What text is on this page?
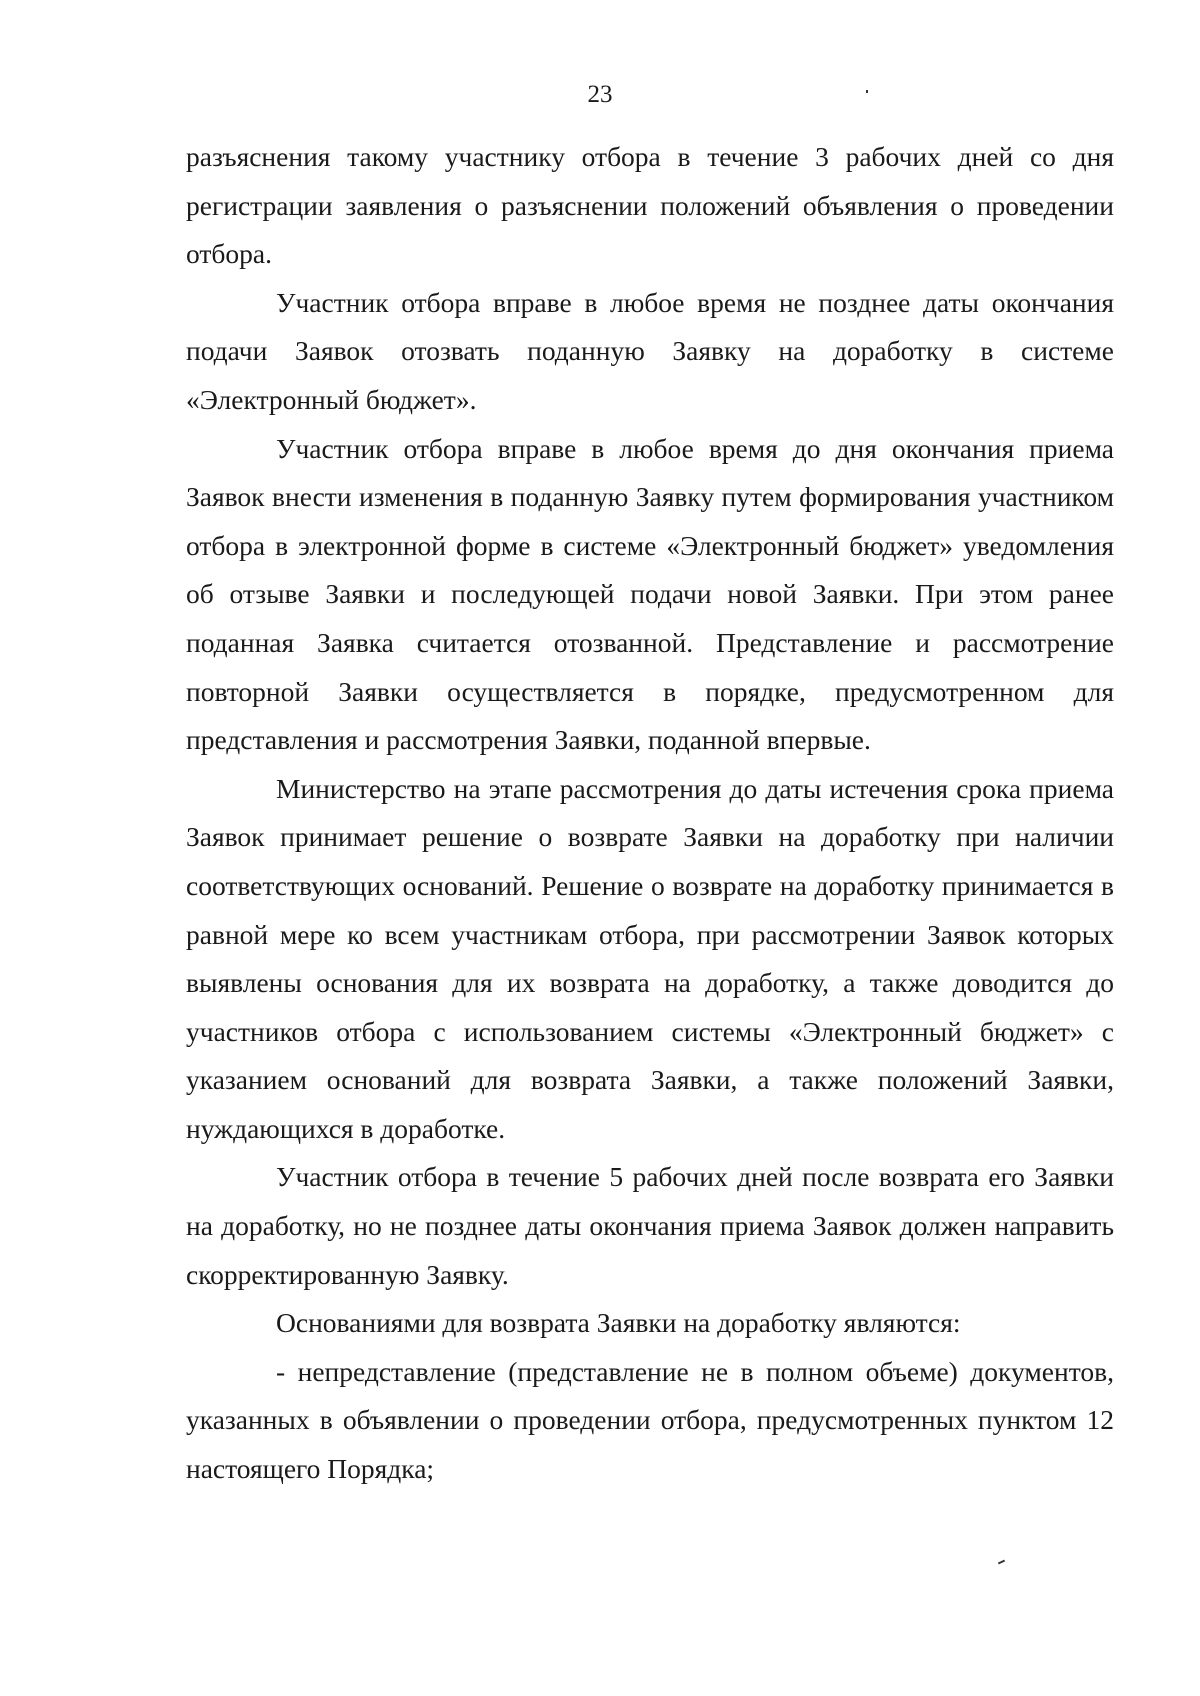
23

разъяснения такому участнику отбора в течение 3 рабочих дней со дня регистрации заявления о разъяснении положений объявления о проведении отбора.

Участник отбора вправе в любое время не позднее даты окончания подачи Заявок отозвать поданную Заявку на доработку в системе «Электронный бюджет».

Участник отбора вправе в любое время до дня окончания приема Заявок внести изменения в поданную Заявку путем формирования участником отбора в электронной форме в системе «Электронный бюджет» уведомления об отзыве Заявки и последующей подачи новой Заявки. При этом ранее поданная Заявка считается отозванной. Представление и рассмотрение повторной Заявки осуществляется в порядке, предусмотренном для представления и рассмотрения Заявки, поданной впервые.

Министерство на этапе рассмотрения до даты истечения срока приема Заявок принимает решение о возврате Заявки на доработку при наличии соответствующих оснований. Решение о возврате на доработку принимается в равной мере ко всем участникам отбора, при рассмотрении Заявок которых выявлены основания для их возврата на доработку, а также доводится до участников отбора с использованием системы «Электронный бюджет» с указанием оснований для возврата Заявки, а также положений Заявки, нуждающихся в доработке.

Участник отбора в течение 5 рабочих дней после возврата его Заявки на доработку, но не позднее даты окончания приема Заявок должен направить скорректированную Заявку.

Основаниями для возврата Заявки на доработку являются:

- непредставление (представление не в полном объеме) документов, указанных в объявлении о проведении отбора, предусмотренных пунктом 12 настоящего Порядка;
